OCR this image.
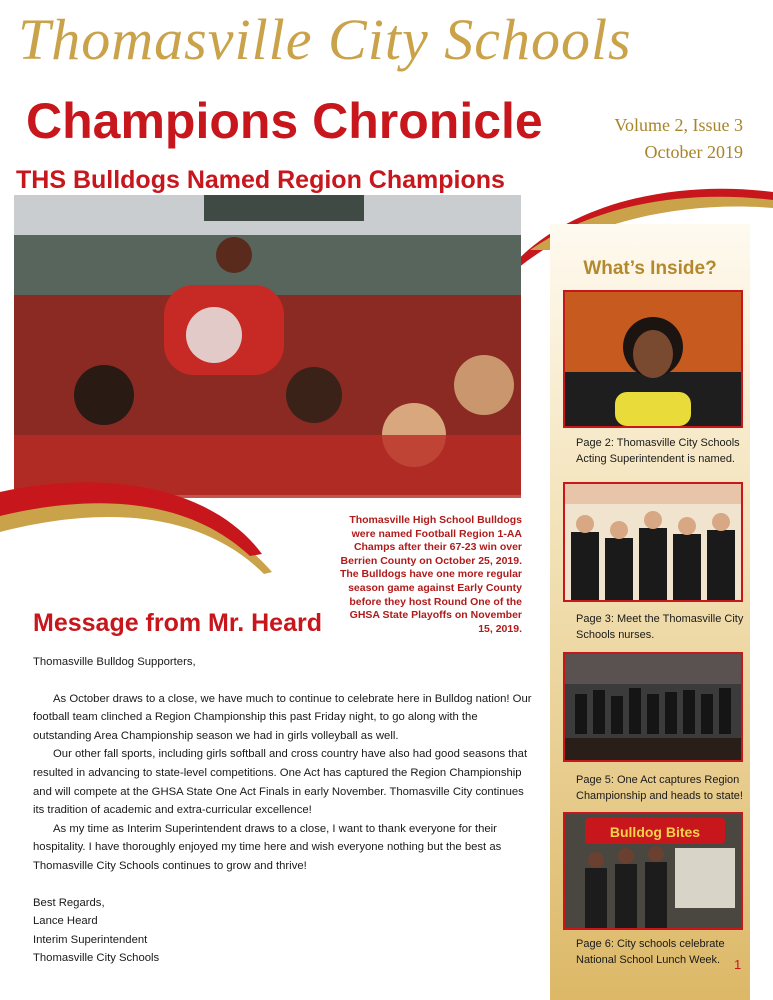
Thomasville City Schools
Champions Chronicle	Volume 2, Issue 3
October 2019
THS Bulldogs Named Region Champions
Thomasville High School Bulldogs were named Football Region 1-AA Champs after their 67-23 win over Berrien County on October 25, 2019. The Bulldogs have one more regular season game against Early County before they host Round One of the GHSA State Playoffs on November 15, 2019.
What’s Inside?
Page 2: Thomasville City Schools Acting Superintendent is named.
Page 3: Meet the Thomasville City Schools nurses.
Page 5: One Act captures Region Championship and heads to state!
Bulldog Bites
Page 6: City schools celebrate National School Lunch Week.	1
Message from Mr. Heard

Thomasville Bulldog Supporters,

As October draws to a close, we have much to continue to celebrate here in Bulldog nation! Our football team clinched a Region Championship this past Friday night, to go along with the outstanding Area Championship season we had in girls volleyball as well.

Our other fall sports, including girls softball and cross country have also had good seasons that resulted in advancing to state-level competitions. One Act has captured the Region Championship and will compete at the GHSA State One Act Finals in early November. Thomasville City continues its tradition of academic and extra-curricular excellence!

As my time as Interim Superintendent draws to a close, I want to thank everyone for their hospitality. I have thoroughly enjoyed my time here and wish everyone nothing but the best as Thomasville City Schools continues to grow and thrive!

Best Regards,

Lance Heard

Interim Superintendent

Thomasville City Schools
